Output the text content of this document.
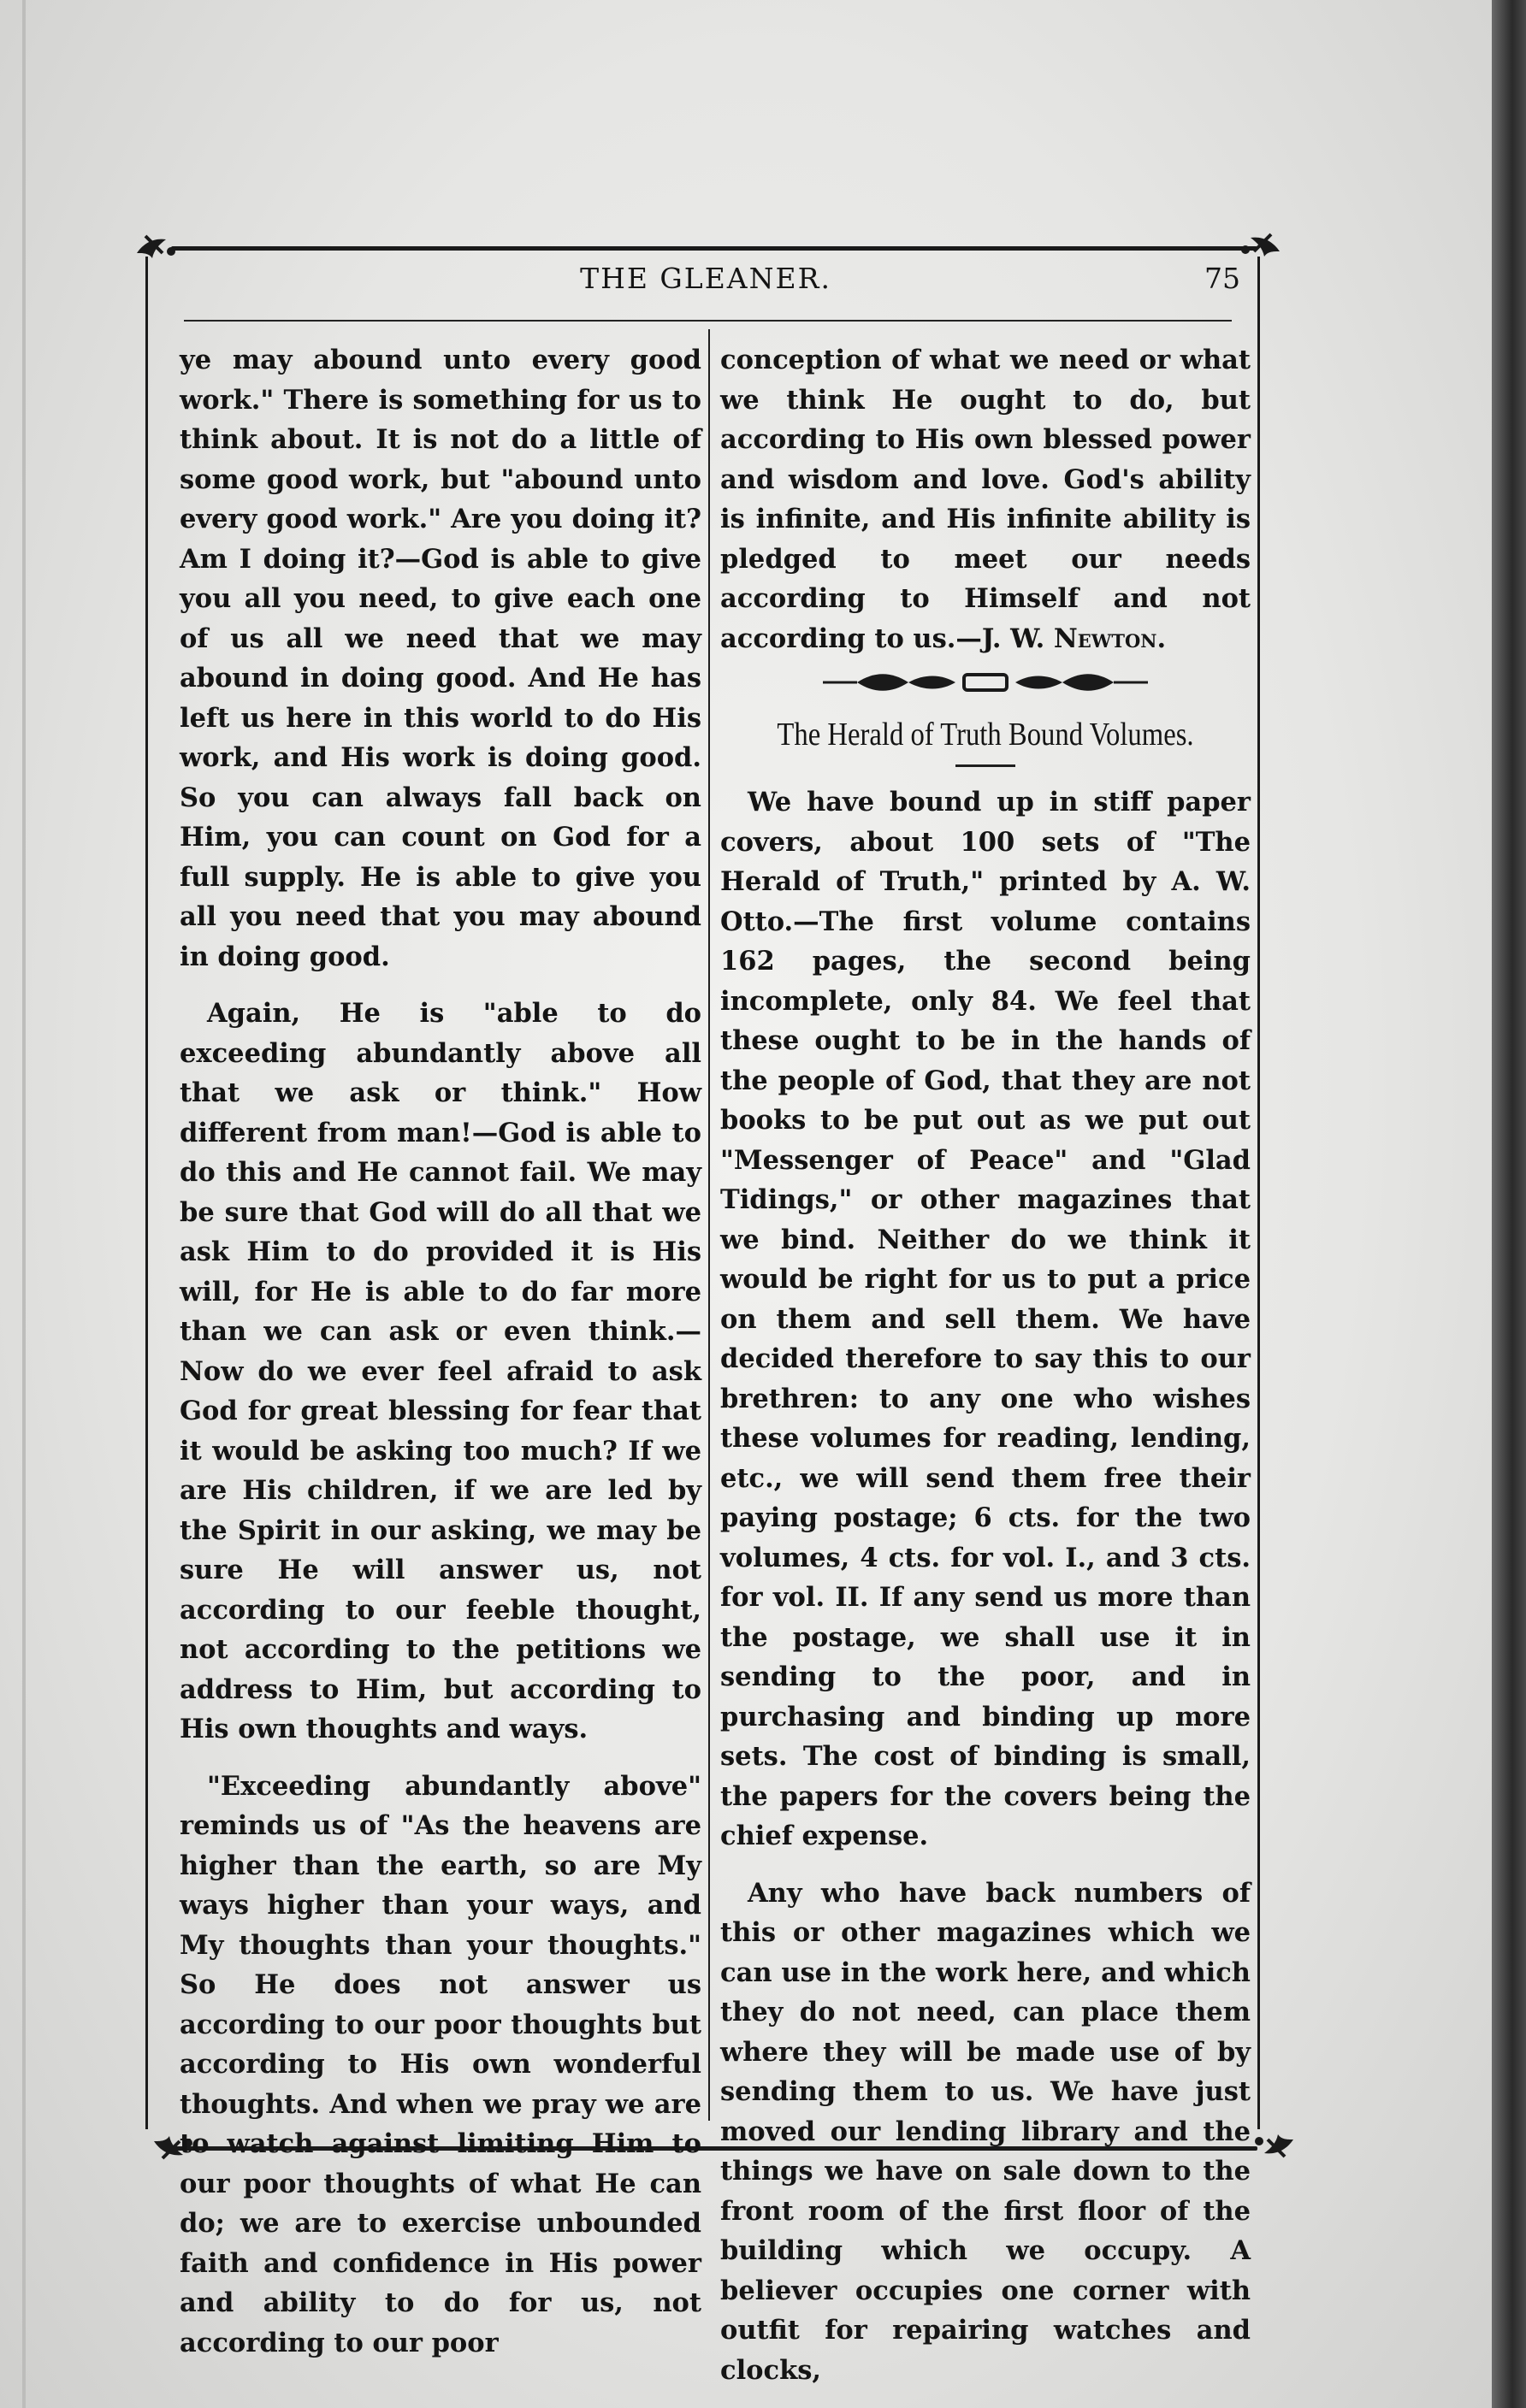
THE GLEANER.	75

ye may abound unto every good work." There is something for us to think about. It is not do a little of some good work, but "abound unto every good work." Are you doing it? Am I doing it?—God is able to give you all you need, to give each one of us all we need that we may abound in doing good. And He has left us here in this world to do His work, and His work is doing good. So you can always fall back on Him, you can count on God for a full supply. He is able to give you all you need that you may abound in doing good.

Again, He is "able to do exceeding abundantly above all that we ask or think." How different from man!—God is able to do this and He cannot fail. We may be sure that God will do all that we ask Him to do provided it is His will, for He is able to do far more than we can ask or even think.—Now do we ever feel afraid to ask God for great blessing for fear that it would be asking too much? If we are His children, if we are led by the Spirit in our asking, we may be sure He will answer us, not according to our feeble thought, not according to the petitions we address to Him, but according to His own thoughts and ways.

"Exceeding abundantly above" reminds us of "As the heavens are higher than the earth, so are My ways higher than your ways, and My thoughts than your thoughts." So He does not answer us according to our poor thoughts but according to His own wonderful thoughts. And when we pray we are to watch against limiting Him to our poor thoughts of what He can do; we are to exercise unbounded faith and confidence in His power and ability to do for us, not according to our poor

conception of what we need or what we think He ought to do, but according to His own blessed power and wisdom and love. God's ability is infinite, and His infinite ability is pledged to meet our needs according to Himself and not according to us.—J. W. Newton.

The Herald of Truth Bound Volumes.

We have bound up in stiff paper covers, about 100 sets of "The Herald of Truth," printed by A. W. Otto.—The first volume contains 162 pages, the second being incomplete, only 84. We feel that these ought to be in the hands of the people of God, that they are not books to be put out as we put out "Messenger of Peace" and "Glad Tidings," or other magazines that we bind. Neither do we think it would be right for us to put a price on them and sell them. We have decided therefore to say this to our brethren: to any one who wishes these volumes for reading, lending, etc., we will send them free their paying postage; 6 cts. for the two volumes, 4 cts. for vol. I., and 3 cts. for vol. II. If any send us more than the postage, we shall use it in sending to the poor, and in purchasing and binding up more sets. The cost of binding is small, the papers for the covers being the chief expense.

Any who have back numbers of this or other magazines which we can use in the work here, and which they do not need, can place them where they will be made use of by sending them to us. We have just moved our lending library and the things we have on sale down to the front room of the first floor of the building which we occupy. A believer occupies one corner with outfit for repairing watches and clocks,
